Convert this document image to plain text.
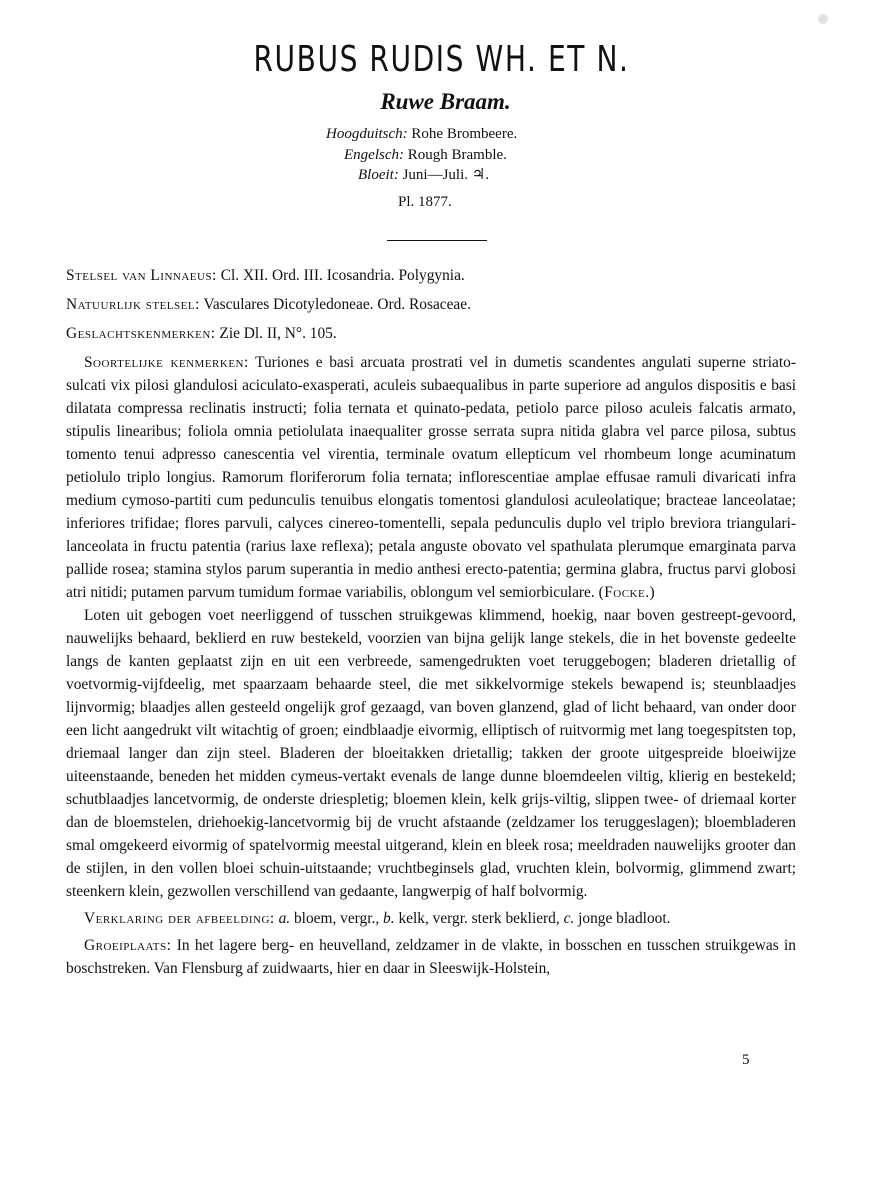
RUBUS RUDIS WH. ET N.
Ruwe Braam.
Hoogduitsch: Rohe Brombeere.
Engelsch: Rough Bramble.
Bloeit: Juni—Juli. ♃.
Pl. 1877.

Stelsel van Linnaeus: Cl. XII. Ord. III. Icosandria. Polygynia.

Natuurlijk stelsel: Vasculares Dicotyledoneae. Ord. Rosaceae.

Geslachtskenmerken: Zie Dl. II, N°. 105.

Soortelijke kenmerken: Turiones e basi arcuata prostrati vel in dumetis scandentes angulati superne striato-sulcati vix pilosi glandulosi aciculato-exasperati, aculeis subaequalibus in parte superiore ad angulos dispositis e basi dilatata compressa reclinatis instructi; folia ternata et quinato-pedata, petiolo parce piloso aculeis falcatis armato, stipulis linearibus; foliola omnia petiolulata inaequaliter grosse serrata supra nitida glabra vel parce pilosa, subtus tomento tenui adpresso canescentia vel virentia, terminale ovatum ellepticum vel rhombeum longe acuminatum petiolulo triplo longius. Ramorum floriferorum folia ternata; inflorescentiae amplae effusae ramuli divaricati infra medium cymoso-partiti cum pedunculis tenuibus elongatis tomentosi glandulosi aculeolatique; bracteae lanceolatae; inferiores trifidae; flores parvuli, calyces cinereo-tomentelli, sepala pedunculis duplo vel triplo breviora triangulari-lanceolata in fructu patentia (rarius laxe reflexa); petala anguste obovato vel spathulata plerumque emarginata parva pallide rosea; stamina stylos parum superantia in medio anthesi erecto-patentia; germina glabra, fructus parvi globosi atri nitidi; putamen parvum tumidum formae variabilis, oblongum vel semiorbiculare. (Focke.)

Loten uit gebogen voet neerliggend of tusschen struikgewas klimmend, hoekig, naar boven gestreept-gevoord, nauwelijks behaard, beklierd en ruw bestekeld, voorzien van bijna gelijk lange stekels, die in het bovenste gedeelte langs de kanten geplaatst zijn en uit een verbreede, samengedrukten voet teruggebogen; bladeren drietallig of voetvormig-vijfdeelig, met spaarzaam behaarde steel, die met sikkelvormige stekels bewapend is; steunblaadjes lijnvormig; blaadjes allen gesteeld ongelijk grof gezaagd, van boven glanzend, glad of licht behaard, van onder door een licht aangedrukt vilt witachtig of groen; eindblaadje eivormig, elliptisch of ruitvormig met lang toegespitsten top, driemaal langer dan zijn steel. Bladeren der bloeitakken drietallig; takken der groote uitgespreide bloeiwijze uiteenstaande, beneden het midden cymeus-vertakt evenals de lange dunne bloemdeelen viltig, klierig en bestekeld; schutblaadjes lancetvormig, de onderste driespletig; bloemen klein, kelk grijs-viltig, slippen twee- of driemaal korter dan de bloemstelen, driehoekig-lancetvormig bij de vrucht afstaande (zeldzamer los teruggeslagen); bloembladeren smal omgekeerd eivormig of spatelvormig meestal uitgerand, klein en bleek rosa; meeldraden nauwelijks grooter dan de stijlen, in den vollen bloei schuin-uitstaande; vruchtbeginsels glad, vruchten klein, bolvormig, glimmend zwart; steenkern klein, gezwollen verschillend van gedaante, langwerpig of half bolvormig.

Verklaring der afbeelding: a. bloem, vergr., b. kelk, vergr. sterk beklierd, c. jonge bladloot.

Groeiplaats: In het lagere berg- en heuvelland, zeldzamer in de vlakte, in bosschen en tusschen struikgewas in boschstreken. Van Flensburg af zuidwaarts, hier en daar in Sleeswijk-Holstein,

5
